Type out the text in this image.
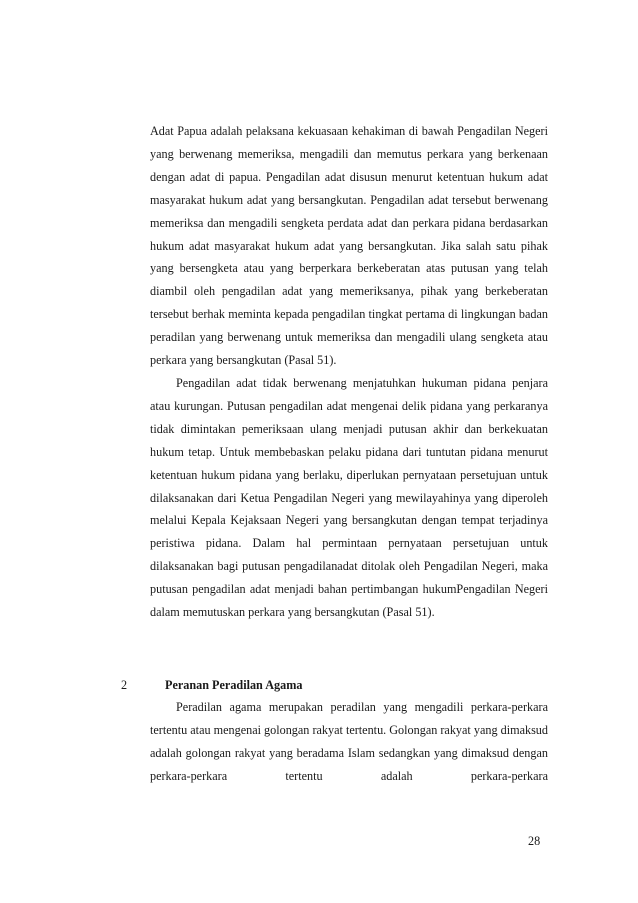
Adat Papua adalah pelaksana kekuasaan kehakiman di bawah Pengadilan Negeri yang berwenang memeriksa, mengadili dan memutus perkara yang berkenaan dengan adat di papua. Pengadilan adat disusun menurut ketentuan hukum adat masyarakat hukum adat yang bersangkutan. Pengadilan adat tersebut berwenang memeriksa dan mengadili sengketa perdata adat dan perkara pidana berdasarkan hukum adat masyarakat hukum adat yang bersangkutan. Jika salah satu pihak yang bersengketa atau yang berperkara berkeberatan atas putusan yang telah diambil oleh pengadilan adat yang memeriksanya, pihak yang berkeberatan tersebut berhak meminta kepada pengadilan tingkat pertama di lingkungan badan peradilan yang berwenang untuk memeriksa dan mengadili ulang sengketa atau perkara yang bersangkutan (Pasal 51).

Pengadilan adat tidak berwenang menjatuhkan hukuman pidana penjara atau kurungan. Putusan pengadilan adat mengenai delik pidana yang perkaranya tidak dimintakan pemeriksaan ulang menjadi putusan akhir dan berkekuatan hukum tetap. Untuk membebaskan pelaku pidana dari tuntutan pidana menurut ketentuan hukum pidana yang berlaku, diperlukan pernyataan persetujuan untuk dilaksanakan dari Ketua Pengadilan Negeri yang mewilayahinya yang diperoleh melalui Kepala Kejaksaan Negeri yang bersangkutan dengan tempat terjadinya peristiwa pidana. Dalam hal permintaan pernyataan persetujuan untuk dilaksanakan bagi putusan pengadilanadat ditolak oleh Pengadilan Negeri, maka putusan pengadilan adat menjadi bahan pertimbangan hukumPengadilan Negeri dalam memutuskan perkara yang bersangkutan (Pasal 51).

2	Peranan Peradilan Agama

Peradilan agama merupakan peradilan yang mengadili perkara-perkara tertentu atau mengenai golongan rakyat tertentu. Golongan rakyat yang dimaksud adalah golongan rakyat yang beradama Islam sedangkan yang dimaksud dengan perkara-perkara tertentu adalah perkara-perkara

28
